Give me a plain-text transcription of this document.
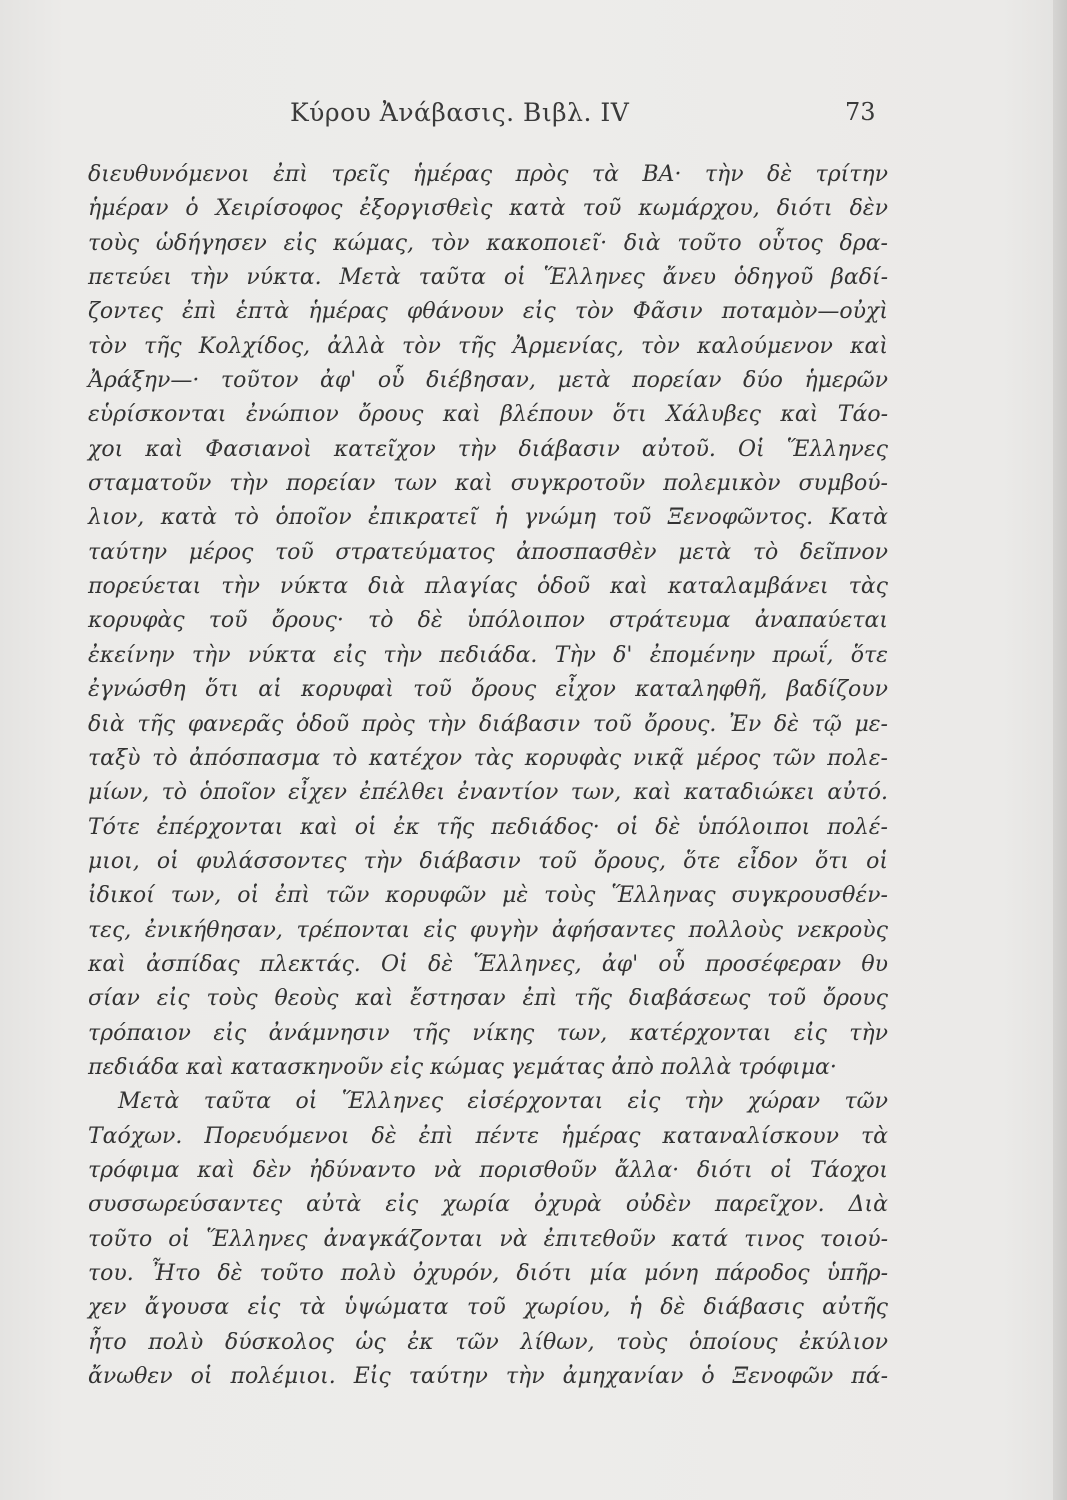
Κύρου Ἀνάβασις. Βιβλ. IV	73
διευθυνόμενοι ἐπὶ τρεῖς ἡμέρας πρὸς τὰ ΒΑ· τὴν δὲ τρίτην
ἡμέραν ὁ Χειρίσοφος ἐξοργισθεὶς κατὰ τοῦ κωμάρχου, διότι δὲν
τοὺς ὡδήγησεν εἰς κώμας, τὸν κακοποιεῖ· διὰ τοῦτο οὗτος δρα-
πετεύει τὴν νύκτα. Μετὰ ταῦτα οἱ Ἕλληνες ἄνευ ὁδηγοῦ βαδί-
ζοντες ἐπὶ ἑπτὰ ἡμέρας φθάνουν εἰς τὸν Φᾶσιν ποταμὸν—οὐχὶ
τὸν τῆς Κολχίδος, ἀλλὰ τὸν τῆς Ἀρμενίας, τὸν καλούμενον καὶ
Ἀράξην—· τοῦτον ἀφ' οὗ διέβησαν, μετὰ πορείαν δύο ἡμερῶν
εὑρίσκονται ἐνώπιον ὄρους καὶ βλέπουν ὅτι Χάλυβες καὶ Τάο-
χοι καὶ Φασιανοὶ κατεῖχον τὴν διάβασιν αὐτοῦ. Οἱ Ἕλληνες
σταματοῦν τὴν πορείαν των καὶ συγκροτοῦν πολεμικὸν συμβού-
λιον, κατὰ τὸ ὁποῖον ἐπικρατεῖ ἡ γνώμη τοῦ Ξενοφῶντος. Κατὰ
ταύτην μέρος τοῦ στρατεύματος ἀποσπασθὲν μετὰ τὸ δεῖπνον
πορεύεται τὴν νύκτα διὰ πλαγίας ὁδοῦ καὶ καταλαμβάνει τὰς
κορυφὰς τοῦ ὄρους· τὸ δὲ ὑπόλοιπον στράτευμα ἀναπαύεται
ἐκείνην τὴν νύκτα εἰς τὴν πεδιάδα. Τὴν δ' ἐπομένην πρωΐ, ὅτε
ἐγνώσθη ὅτι αἱ κορυφαὶ τοῦ ὄρους εἶχον καταληφθῆ, βαδίζουν
διὰ τῆς φανερᾶς ὁδοῦ πρὸς τὴν διάβασιν τοῦ ὄρους. Ἐν δὲ τῷ με-
ταξὺ τὸ ἀπόσπασμα τὸ κατέχον τὰς κορυφὰς νικᾷ μέρος τῶν πολε-
μίων, τὸ ὁποῖον εἶχεν ἐπέλθει ἐναντίον των, καὶ καταδιώκει αὐτό.
Τότε ἐπέρχονται καὶ οἱ ἐκ τῆς πεδιάδος· οἱ δὲ ὑπόλοιποι πολέ-
μιοι, οἱ φυλάσσοντες τὴν διάβασιν τοῦ ὄρους, ὅτε εἶδον ὅτι οἱ
ἰδικοί των, οἱ ἐπὶ τῶν κορυφῶν μὲ τοὺς Ἕλληνας συγκρουσθέν-
τες, ἐνικήθησαν, τρέπονται εἰς φυγὴν ἀφήσαντες πολλοὺς νεκροὺς
καὶ ἀσπίδας πλεκτάς. Οἱ δὲ Ἕλληνες, ἀφ' οὗ προσέφεραν θυ
σίαν εἰς τοὺς θεοὺς καὶ ἔστησαν ἐπὶ τῆς διαβάσεως τοῦ ὄρους
τρόπαιον εἰς ἀνάμνησιν τῆς νίκης των, κατέρχονται εἰς τὴν
πεδιάδα καὶ κατασκηνοῦν εἰς κώμας γεμάτας ἀπὸ πολλὰ τρόφιμα·
Μετὰ ταῦτα οἱ Ἕλληνες εἰσέρχονται εἰς τὴν χώραν τῶν
Ταόχων. Πορευόμενοι δὲ ἐπὶ πέντε ἡμέρας καταναλίσκουν τὰ
τρόφιμα καὶ δὲν ἠδύναντο νὰ πορισθοῦν ἄλλα· διότι οἱ Τάοχοι
συσσωρεύσαντες αὐτὰ εἰς χωρία ὀχυρὰ οὐδὲν παρεῖχον. Διὰ
τοῦτο οἱ Ἕλληνες ἀναγκάζονται νὰ ἐπιτεθοῦν κατά τινος τοιού-
του. Ἦτο δὲ τοῦτο πολὺ ὀχυρόν, διότι μία μόνη πάροδος ὑπῆρ-
χεν ἄγουσα εἰς τὰ ὑψώματα τοῦ χωρίου, ἡ δὲ διάβασις αὐτῆς
ἦτο πολὺ δύσκολος ὡς ἐκ τῶν λίθων, τοὺς ὁποίους ἐκύλιον
ἄνωθεν οἱ πολέμιοι. Εἰς ταύτην τὴν ἀμηχανίαν ὁ Ξενοφῶν πά-
